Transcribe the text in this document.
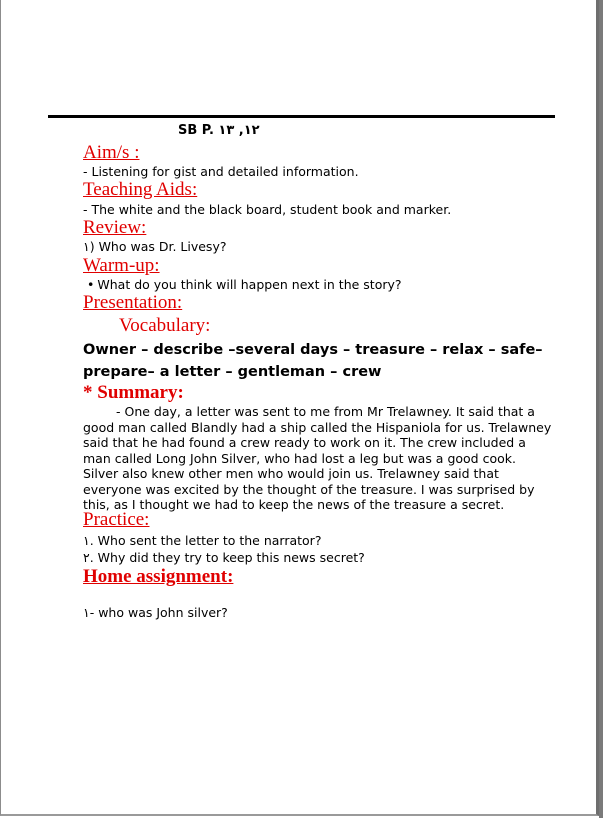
SB P. ١٢, ١٣
Aim/s :
- Listening for gist and detailed information.
Teaching Aids:
- The white and the black board, student book and marker.
Review:
١) Who was Dr. Livesy?
Warm-up:
• What do you think will happen next in the story?
Presentation:
Vocabulary:
Owner – describe –several days – treasure – relax – safe–
prepare– a letter – gentleman – crew
* Summary:

- One day, a letter was sent to me from Mr Trelawney. It said that a good man called Blandly had a ship called the Hispaniola for us. Trelawney said that he had found a crew ready to work on it. The crew included a man called Long John Silver, who had lost a leg but was a good cook. Silver also knew other men who would join us. Trelawney said that everyone was excited by the thought of the treasure. I was surprised by this, as I thought we had to keep the news of the treasure a secret.

Practice:
١. Who sent the letter to the narrator?
٢. Why did they try to keep this news secret?
Home assignment:
١- who was John silver?
